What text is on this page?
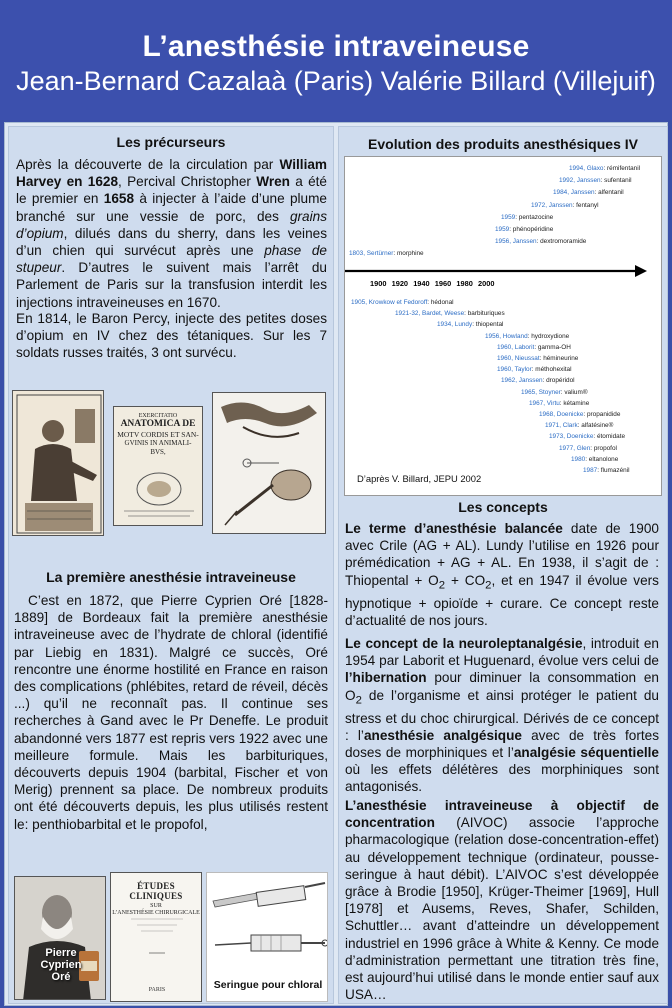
L’anesthésie intraveineuse
Jean-Bernard Cazalaà (Paris) Valérie Billard (Villejuif)
Les précurseurs

Après la découverte de la circulation par William Harvey en 1628, Percival Christopher Wren a été le premier en 1658 à injecter à l’aide d’une plume branché sur une vessie de porc, des grains d’opium, dilués dans du sherry, dans les veines d’un chien qui survécut après une phase de stupeur. D’autres le suivent mais l’arrêt du Parlement de Paris sur la transfusion interdit les injections intraveineuses en 1670.

En 1814, le Baron Percy, injecte des petites doses d’opium en IV chez des tétaniques. Sur les 7 soldats russes traités, 3 ont survécu.

EXERCITATIO
ANATOMICA DE
MOTV CORDIS ET SAN-
GVINIS IN ANIMALI-
BVS,
La première anesthésie intraveineuse

C’est en 1872, que Pierre Cyprien Oré [1828-1889] de Bordeaux fait la première anesthésie intraveineuse avec de l’hydrate de chloral (identifié par Liebig en 1831). Malgré ce succès, Oré rencontre une énorme hostilité en France en raison des complications (phlébites, retard de réveil, décès ...) qu’il ne reconnaît pas. Il continue ses recherches à Gand avec le Pr Deneffe. Le produit abandonné vers 1877 est repris vers 1922 avec une meilleure formule. Mais les barbituriques, découverts depuis 1904 (barbital, Fischer et von Merig) prennent sa place. De nombreux produits ont été découverts depuis, les plus utilisés restent le: penthiobarbital et le propofol,

Pierre
Cyprien
Oré
ÉTUDES CLINIQUES
SUR
L’ANESTHÉSIE CHIRURGICALE
PARIS	Seringue pour chloral
Evolution des produits anesthésiques IV
1900 1920 1940 1960 1980 2000
1994, Glaxo: rémifentanil
1992, Janssen: sufentanil
1984, Janssen: alfentanil
1972, Janssen: fentanyl
1959: pentazocine
1959: phénopéridine
1956, Janssen: dextromoramide
1803, Sertürner: morphine
1905, Krowkow et Fedoroff: hédonal
1921-32, Bardet, Weese: barbituriques
1934, Lundy: thiopental
1956, Howland: hydroxydione
1960, Laborit: gamma-OH
1960, Nieussat: hémineurine
1960, Taylor: méthohexital
1962, Janssen: dropéridol
1965, Stoyner: valium®
1967, Virtu: kétamine
1968, Doenicke: propanidide
1971, Clark: alfatésine®
1973, Doenicke: étomidate
1977, Glen: propofol
1980: eltanolone
1987: flumazénil
D’après V. Billard, JEPU 2002
Les concepts

Le terme d’anesthésie balancée date de 1900 avec Crile (AG + AL). Lundy l’utilise en 1926 pour prémédication + AG + AL. En 1938, il s’agit de : Thiopental + $O_2 + CO_2$, et en 1947 il évolue vers hypnotique + opioïde + curare. Ce concept reste d’actualité de nos jours.

Le concept de la neuroleptanalgésie, introduit en 1954 par Laborit et Huguenard, évolue vers celui de l’hibernation pour diminuer la consommation en $O_2$ de l’organisme et ainsi protéger le patient du stress et du choc chirurgical. Dérivés de ce concept : l’anesthésie analgésique avec de très fortes doses de morphiniques et l’analgésie séquentielle où les effets délétères des morphiniques sont antagonisés.

L’anesthésie intraveineuse à objectif de concentration (AIVOC) associe l’approche pharmacologique (relation dose-concentration-effet) au développement technique (ordinateur, pousse-seringue à haut débit). L’AIVOC s’est développée grâce à Brodie [1950], Krüger-Theimer [1969], Hull [1978] et Ausems, Reves, Shafer, Schilden, Schuttler… avant d’atteindre un développement industriel en 1996 grâce à White & Kenny. Ce mode d’administration permettant une titration très fine, est aujourd’hui utilisé dans le monde entier sauf aux USA…
